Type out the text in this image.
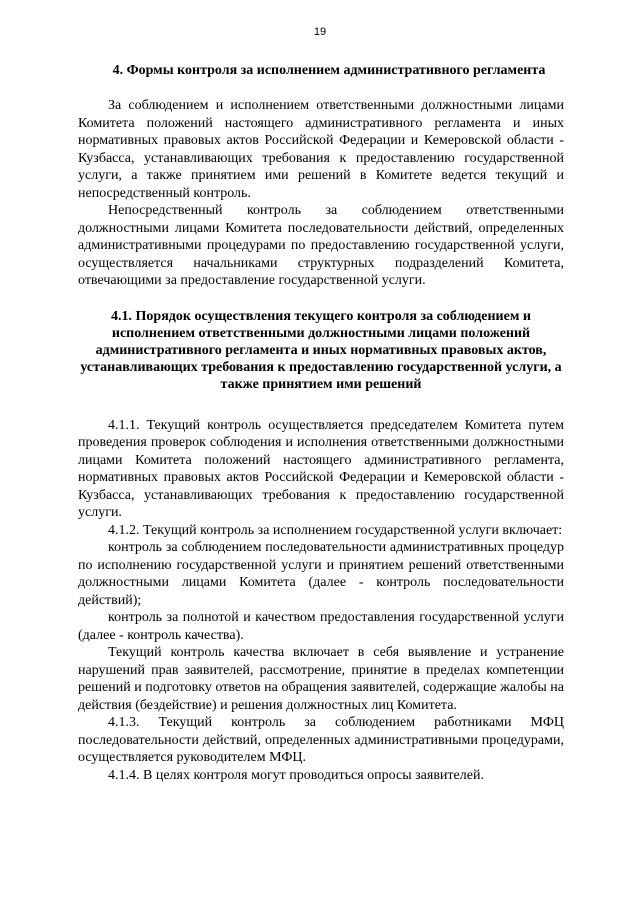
19
4. Формы контроля за исполнением административного регламента

За соблюдением и исполнением ответственными должностными лицами Комитета положений настоящего административного регламента и иных нормативных правовых актов Российской Федерации и Кемеровской области - Кузбасса, устанавливающих требования к предоставлению государственной услуги, а также принятием ими решений в Комитете ведется текущий и непосредственный контроль.

Непосредственный контроль за соблюдением ответственными должностными лицами Комитета последовательности действий, определенных административными процедурами по предоставлению государственной услуги, осуществляется начальниками структурных подразделений Комитета, отвечающими за предоставление государственной услуги.

4.1. Порядок осуществления текущего контроля за соблюдением и исполнением ответственными должностными лицами положений административного регламента и иных нормативных правовых актов, устанавливающих требования к предоставлению государственной услуги, а также принятием ими решений

4.1.1. Текущий контроль осуществляется председателем Комитета путем проведения проверок соблюдения и исполнения ответственными должностными лицами Комитета положений настоящего административного регламента, нормативных правовых актов Российской Федерации и Кемеровской области - Кузбасса, устанавливающих требования к предоставлению государственной услуги.

4.1.2. Текущий контроль за исполнением государственной услуги включает:

контроль за соблюдением последовательности административных процедур по исполнению государственной услуги и принятием решений ответственными должностными лицами Комитета (далее - контроль последовательности действий);

контроль за полнотой и качеством предоставления государственной услуги (далее - контроль качества).

Текущий контроль качества включает в себя выявление и устранение нарушений прав заявителей, рассмотрение, принятие в пределах компетенции решений и подготовку ответов на обращения заявителей, содержащие жалобы на действия (бездействие) и решения должностных лиц Комитета.

4.1.3. Текущий контроль за соблюдением работниками МФЦ последовательности действий, определенных административными процедурами, осуществляется руководителем МФЦ.

4.1.4. В целях контроля могут проводиться опросы заявителей.
